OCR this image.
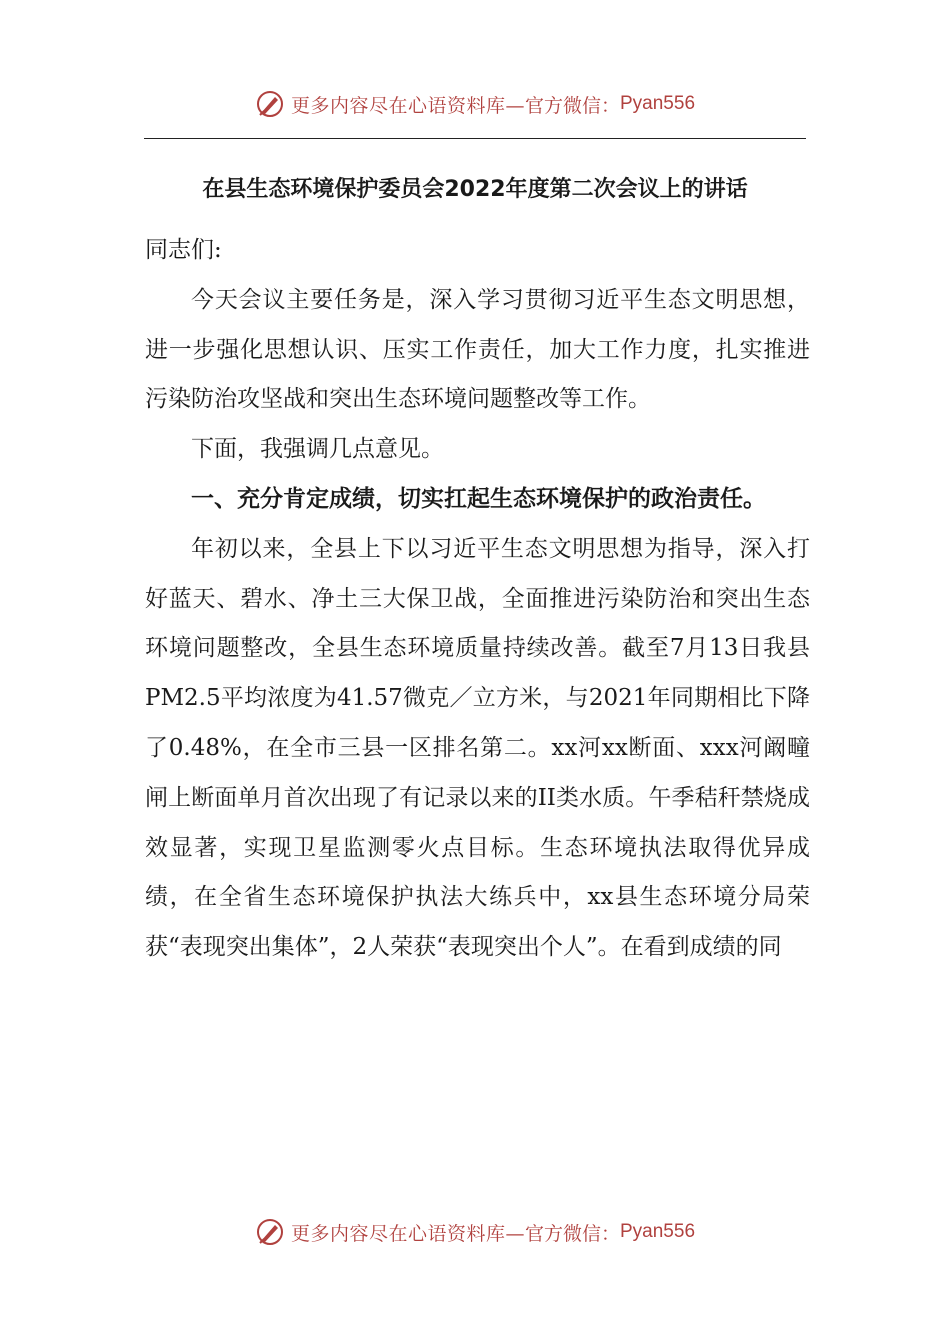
更多内容尽在心语资料库— 官方微信： Pyan556
在县生态环境保护委员会2022年度第二次会议上的讲话

同志们:

今天会议主要任务是，深入学习贯彻习近平生态文明思想，进一步强化思想认识、压实工作责任，加大工作力度，扎实推进污染防治攻坚战和突出生态环境问题整改等工作。

下面，我强调几点意见。

一、充分肯定成绩，切实扛起生态环境保护的政治责任。

年初以来，全县上下以习近平生态文明思想为指导，深入打好蓝天、碧水、净土三大保卫战，全面推进污染防治和突出生态环境问题整改，全县生态环境质量持续改善。截至7月13日我县PM2.5平均浓度为41.57微克／立方米，与2021年同期相比下降了0.48%，在全市三县一区排名第二。xx河xx断面、xxx河阚疃闸上断面单月首次出现了有记录以来的II类水质。午季秸秆禁烧成效显著，实现卫星监测零火点目标。生态环境执法取得优异成绩，在全省生态环境保护执法大练兵中，xx县生态环境分局荣获“表现突出集体”，2人荣获“表现突出个人”。在看到成绩的同

更多内容尽在心语资料库— 官方微信： Pyan556
